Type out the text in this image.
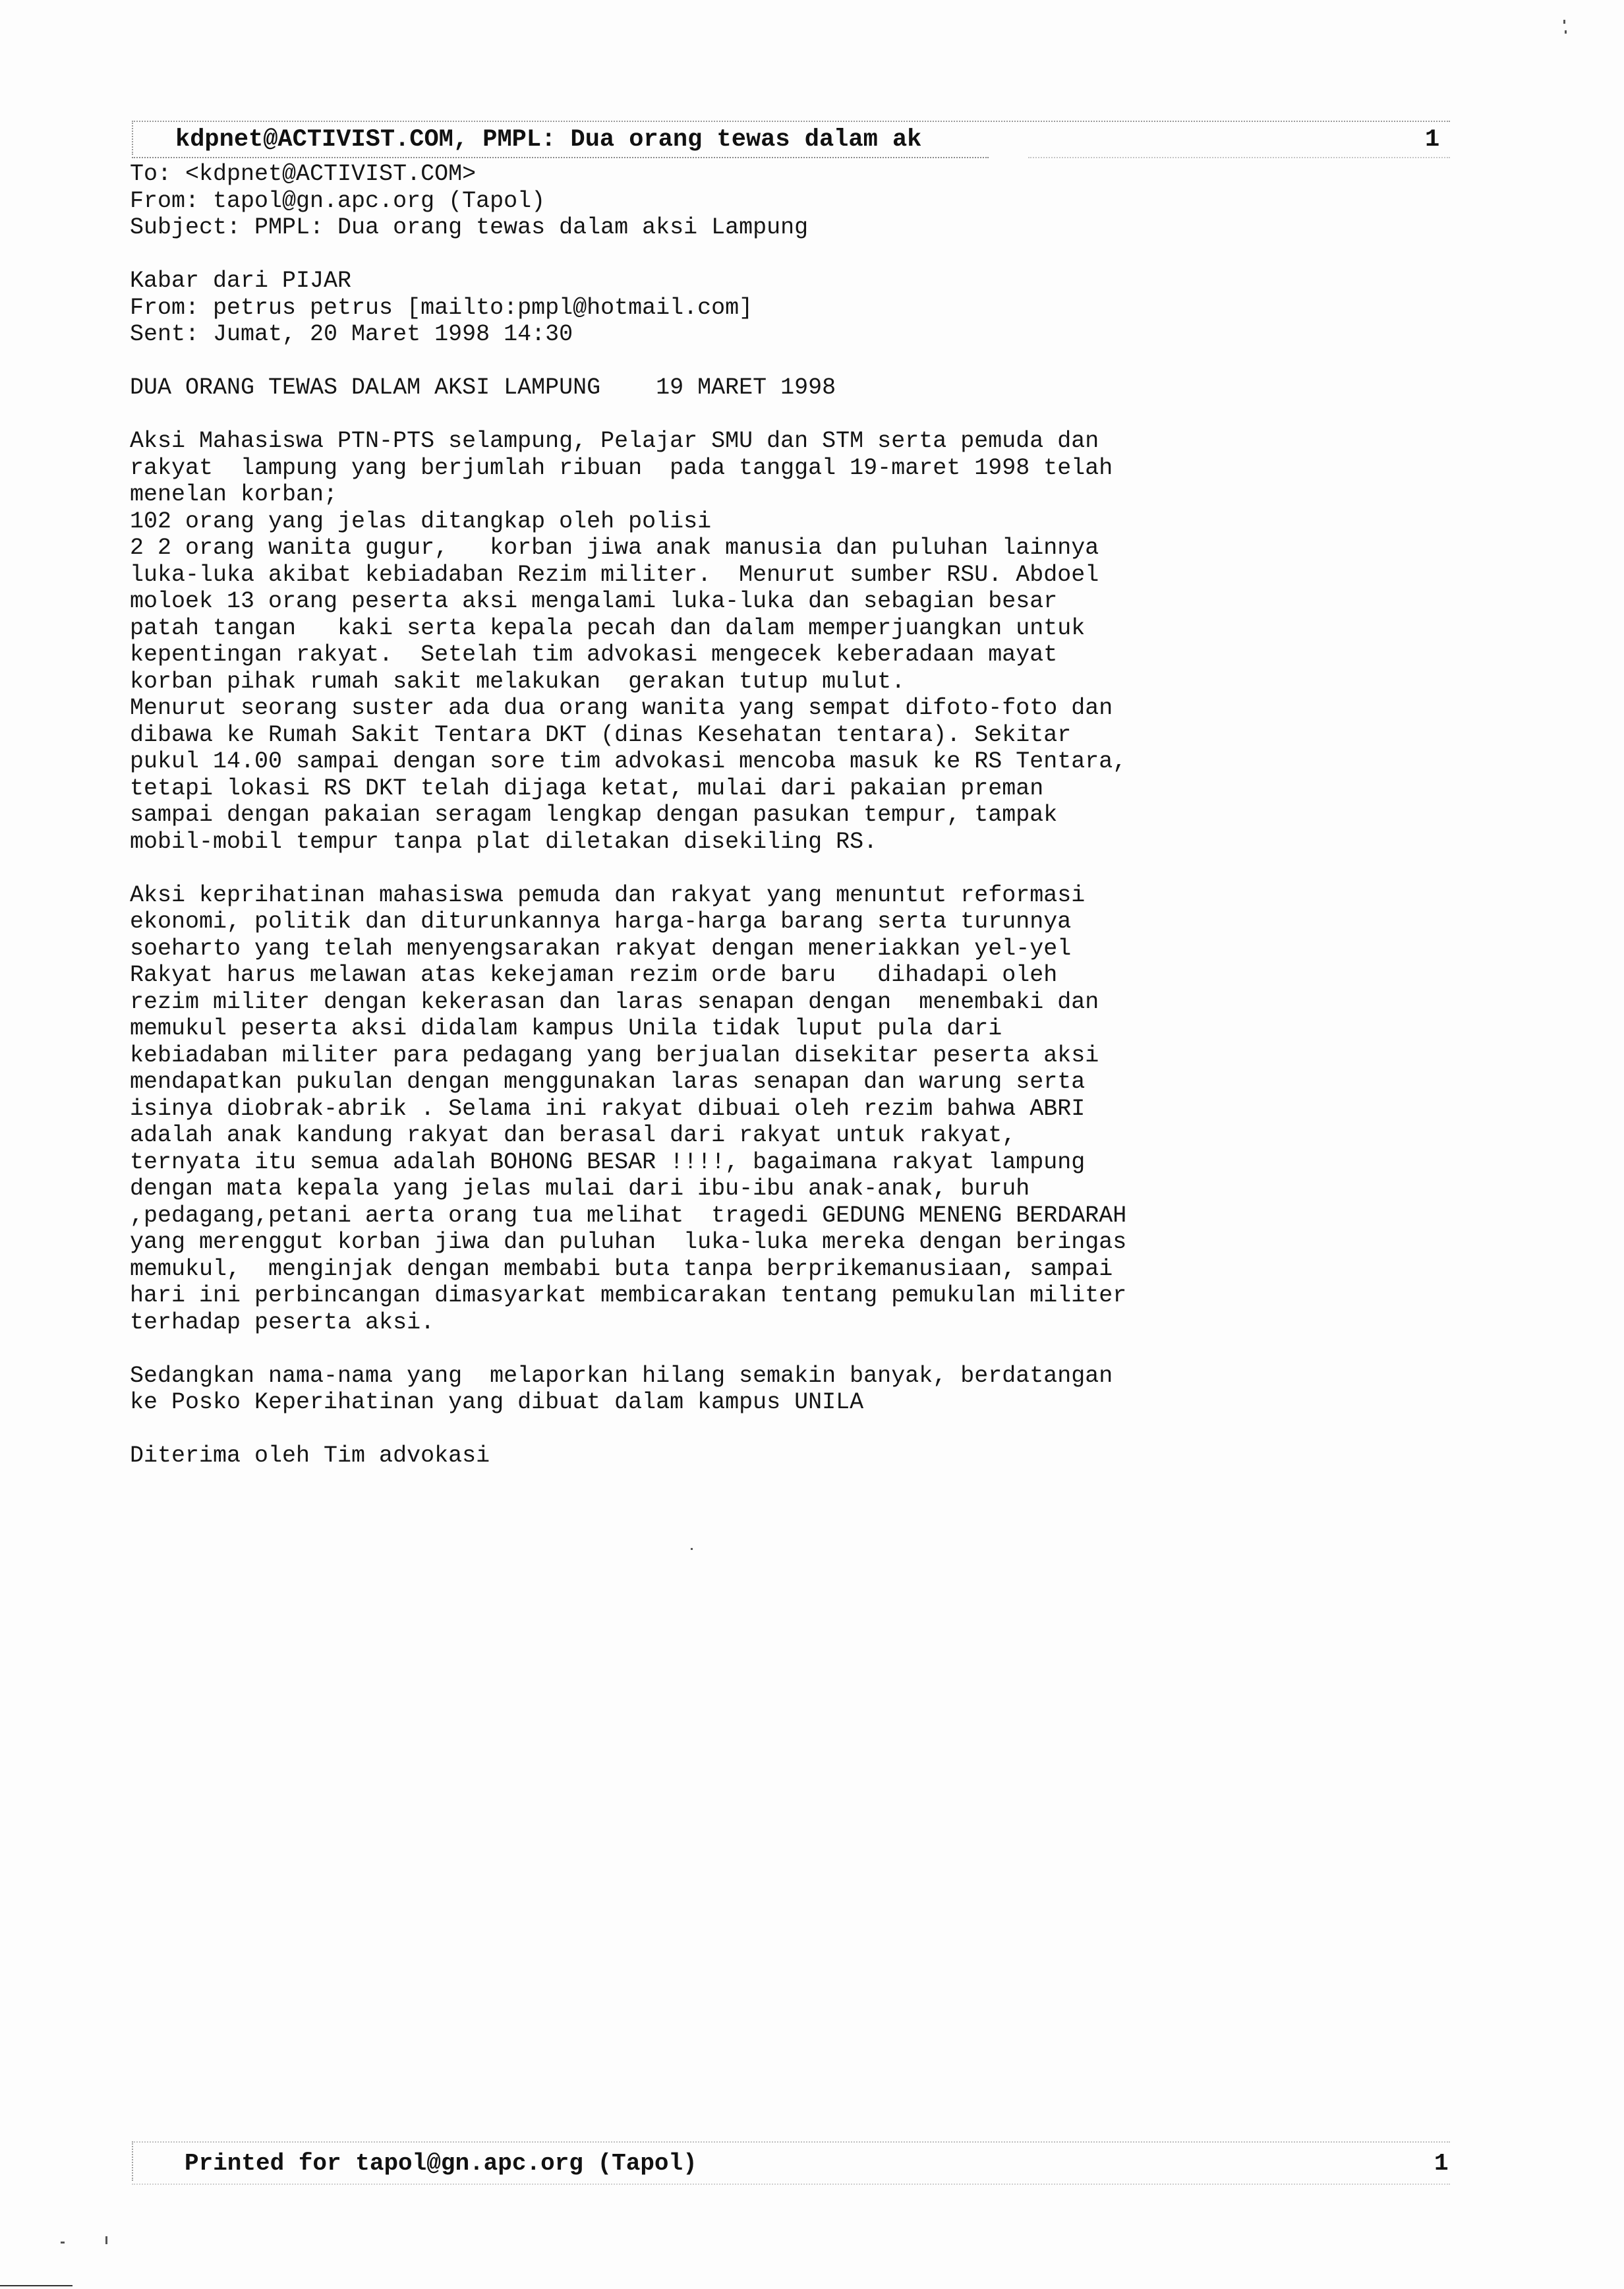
kdpnet@ACTIVIST.COM, PMPL: Dua orang tewas dalam ak	1
To: <kdpnet@ACTIVIST.COM>
From: tapol@gn.apc.org (Tapol)
Subject: PMPL: Dua orang tewas dalam aksi Lampung
Kabar dari PIJAR
From: petrus petrus [mailto:pmpl@hotmail.com]
Sent: Jumat, 20 Maret 1998 14:30
DUA ORANG TEWAS DALAM AKSI LAMPUNG    19 MARET 1998
Aksi Mahasiswa PTN-PTS selampung, Pelajar SMU dan STM serta pemuda dan
rakyat  lampung yang berjumlah ribuan  pada tanggal 19-maret 1998 telah
menelan korban;
102 orang yang jelas ditangkap oleh polisi
2 2 orang wanita gugur,   korban jiwa anak manusia dan puluhan lainnya
luka-luka akibat kebiadaban Rezim militer.  Menurut sumber RSU. Abdoel
moloek 13 orang peserta aksi mengalami luka-luka dan sebagian besar
patah tangan   kaki serta kepala pecah dan dalam memperjuangkan untuk
kepentingan rakyat.  Setelah tim advokasi mengecek keberadaan mayat
korban pihak rumah sakit melakukan  gerakan tutup mulut.
Menurut seorang suster ada dua orang wanita yang sempat difoto-foto dan
dibawa ke Rumah Sakit Tentara DKT (dinas Kesehatan tentara). Sekitar
pukul 14.00 sampai dengan sore tim advokasi mencoba masuk ke RS Tentara,
tetapi lokasi RS DKT telah dijaga ketat, mulai dari pakaian preman
sampai dengan pakaian seragam lengkap dengan pasukan tempur, tampak
mobil-mobil tempur tanpa plat diletakan disekiling RS.
Aksi keprihatinan mahasiswa pemuda dan rakyat yang menuntut reformasi
ekonomi, politik dan diturunkannya harga-harga barang serta turunnya
soeharto yang telah menyengsarakan rakyat dengan meneriakkan yel-yel
Rakyat harus melawan atas kekejaman rezim orde baru   dihadapi oleh
rezim militer dengan kekerasan dan laras senapan dengan  menembaki dan
memukul peserta aksi didalam kampus Unila tidak luput pula dari
kebiadaban militer para pedagang yang berjualan disekitar peserta aksi
mendapatkan pukulan dengan menggunakan laras senapan dan warung serta
isinya diobrak-abrik . Selama ini rakyat dibuai oleh rezim bahwa ABRI
adalah anak kandung rakyat dan berasal dari rakyat untuk rakyat,
ternyata itu semua adalah BOHONG BESAR !!!!, bagaimana rakyat lampung
dengan mata kepala yang jelas mulai dari ibu-ibu anak-anak, buruh
,pedagang,petani aerta orang tua melihat  tragedi GEDUNG MENENG BERDARAH
yang merenggut korban jiwa dan puluhan  luka-luka mereka dengan beringas
memukul,  menginjak dengan membabi buta tanpa berprikemanusiaan, sampai
hari ini perbincangan dimasyarkat membicarakan tentang pemukulan militer
terhadap peserta aksi.
Sedangkan nama-nama yang  melaporkan hilang semakin banyak, berdatangan
ke Posko Keperihatinan yang dibuat dalam kampus UNILA
Diterima oleh Tim advokasi
Printed for tapol@gn.apc.org (Tapol)	1
